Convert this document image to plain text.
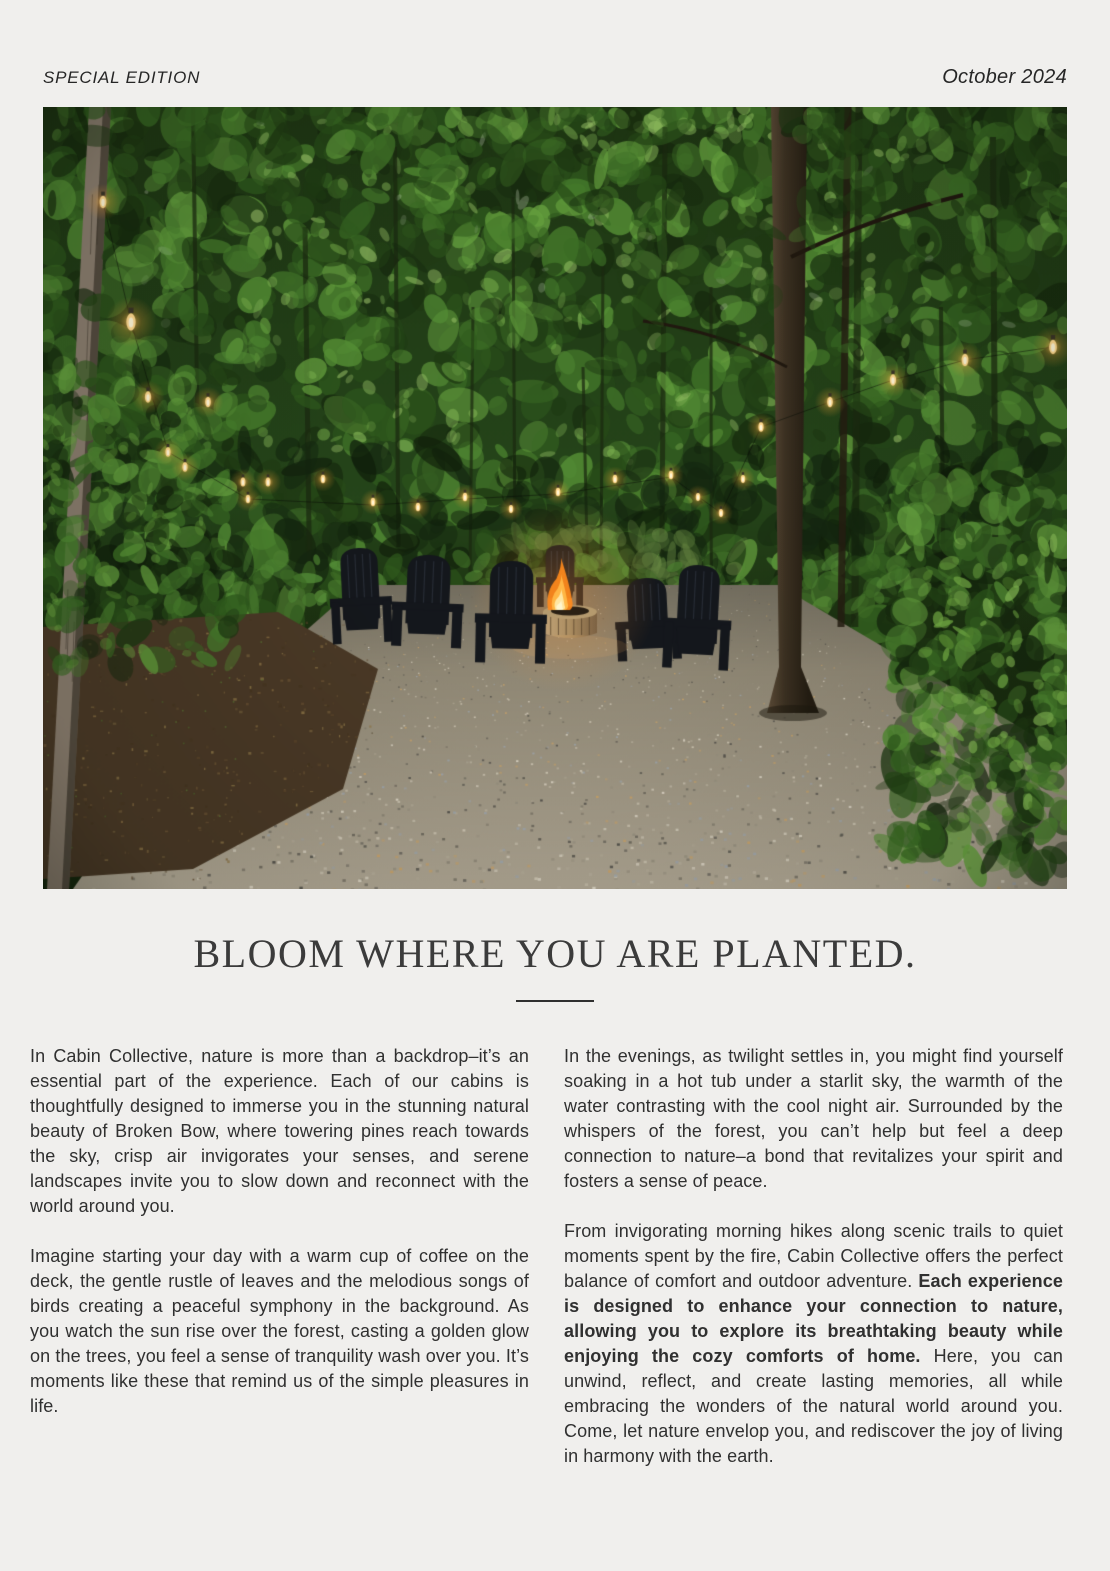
SPECIAL EDITION	October 2024
BLOOM WHERE YOU ARE PLANTED.

In Cabin Collective, nature is more than a backdrop–it’s an essential part of the experience. Each of our cabins is thoughtfully designed to immerse you in the stunning natural beauty of Broken Bow, where towering pines reach towards the sky, crisp air invigorates your senses, and serene landscapes invite you to slow down and reconnect with the world around you.

Imagine starting your day with a warm cup of coffee on the deck, the gentle rustle of leaves and the melodious songs of birds creating a peaceful symphony in the background. As you watch the sun rise over the forest, casting a golden glow on the trees, you feel a sense of tranquility wash over you. It’s moments like these that remind us of the simple pleasures in life.

In the evenings, as twilight settles in, you might find yourself soaking in a hot tub under a starlit sky, the warmth of the water contrasting with the cool night air. Surrounded by the whispers of the forest, you can’t help but feel a deep connection to nature–a bond that revitalizes your spirit and fosters a sense of peace.

From invigorating morning hikes along scenic trails to quiet moments spent by the fire, Cabin Collective offers the perfect balance of comfort and outdoor adventure. Each experience is designed to enhance your connection to nature, allowing you to explore its breathtaking beauty while enjoying the cozy comforts of home. Here, you can unwind, reflect, and create lasting memories, all while embracing the wonders of the natural world around you. Come, let nature envelop you, and rediscover the joy of living in harmony with the earth.
